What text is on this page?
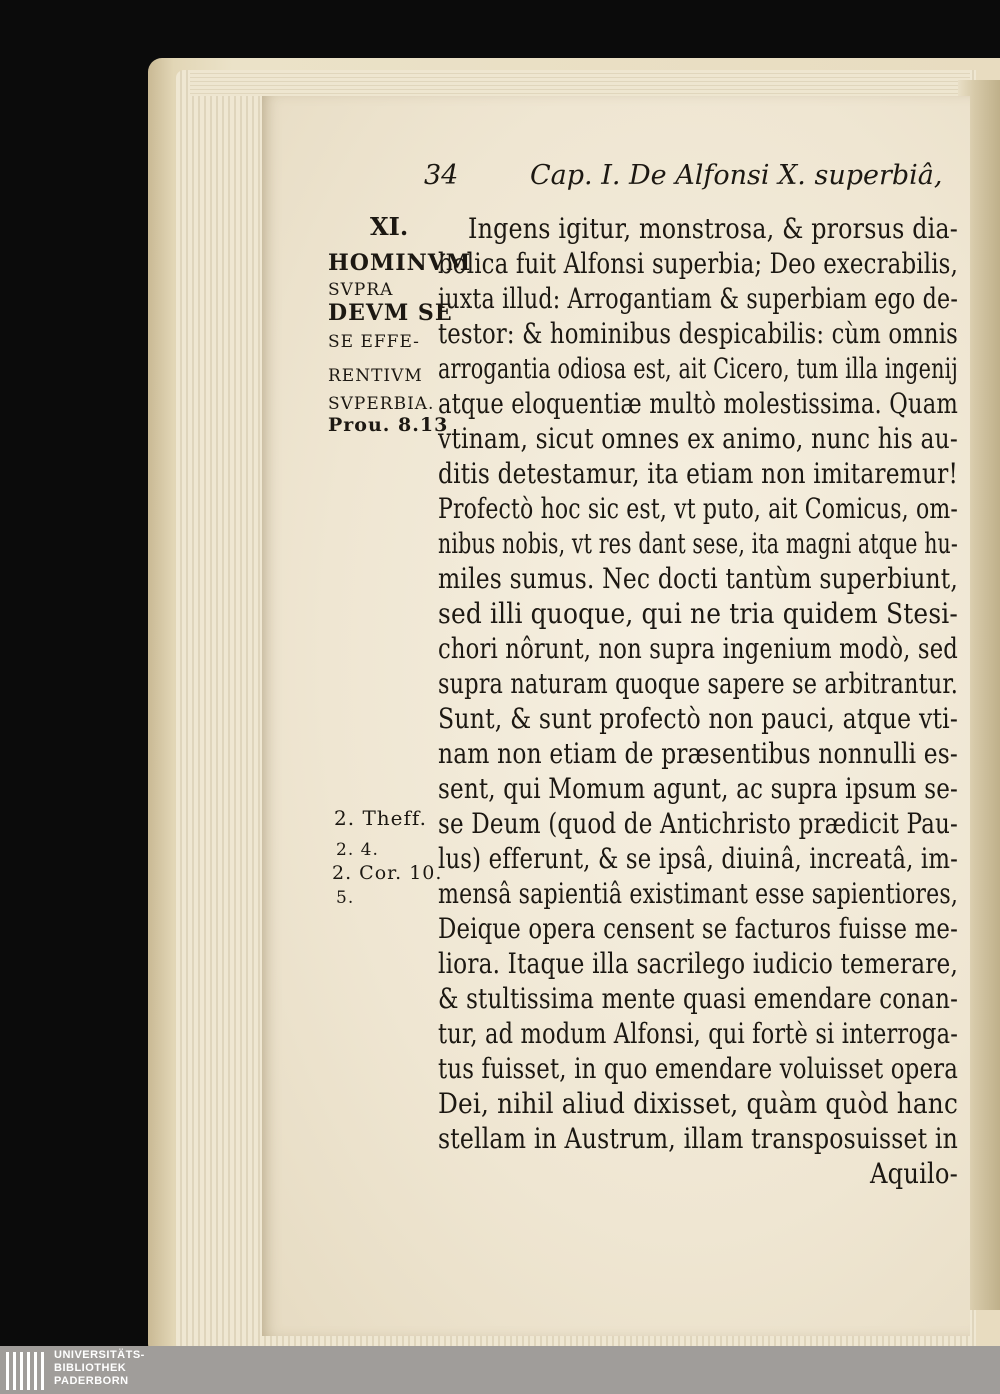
34	Cap. I. De Alfonsi X. superbiâ,
XI.
HOMINVM
SVPRA
DEVM SE
SE EFFE-
RENTIVM
SVPERBIA.
Prou. 8.13
2. Theff.
2. 4.
2. Cor. 10.
5.
Ingens igitur, monstrosa, & prorsus dia-
bolica fuit Alfonsi superbia; Deo execrabilis,
iuxta illud: Arrogantiam & superbiam ego de-
testor: & hominibus despicabilis: cùm omnis
arrogantia odiosa est, ait Cicero, tum illa ingenij
atque eloquentiæ multò molestissima. Quam
vtinam, sicut omnes ex animo, nunc his au-
ditis detestamur, ita etiam non imitaremur!
Profectò hoc sic est, vt puto, ait Comicus, om-
nibus nobis, vt res dant sese, ita magni atque hu-
miles sumus. Nec docti tantùm superbiunt,
sed illi quoque, qui ne tria quidem Stesi-
chori nôrunt, non supra ingenium modò, sed
supra naturam quoque sapere se arbitrantur.
Sunt, & sunt profectò non pauci, atque vti-
nam non etiam de præsentibus nonnulli es-
sent, qui Momum agunt, ac supra ipsum se-
se Deum (quod de Antichristo prædicit Pau-
lus) efferunt, & se ipsâ, diuinâ, increatâ, im-
mensâ sapientiâ existimant esse sapientiores,
Deique opera censent se facturos fuisse me-
liora. Itaque illa sacrilego iudicio temerare,
& stultissima mente quasi emendare conan-
tur, ad modum Alfonsi, qui fortè si interroga-
tus fuisset, in quo emendare voluisset opera
Dei, nihil aliud dixisset, quàm quòd hanc
stellam in Austrum, illam transposuisset in
Aquilo-
UNIVERSITÄTS-
BIBLIOTHEK
PADERBORN
